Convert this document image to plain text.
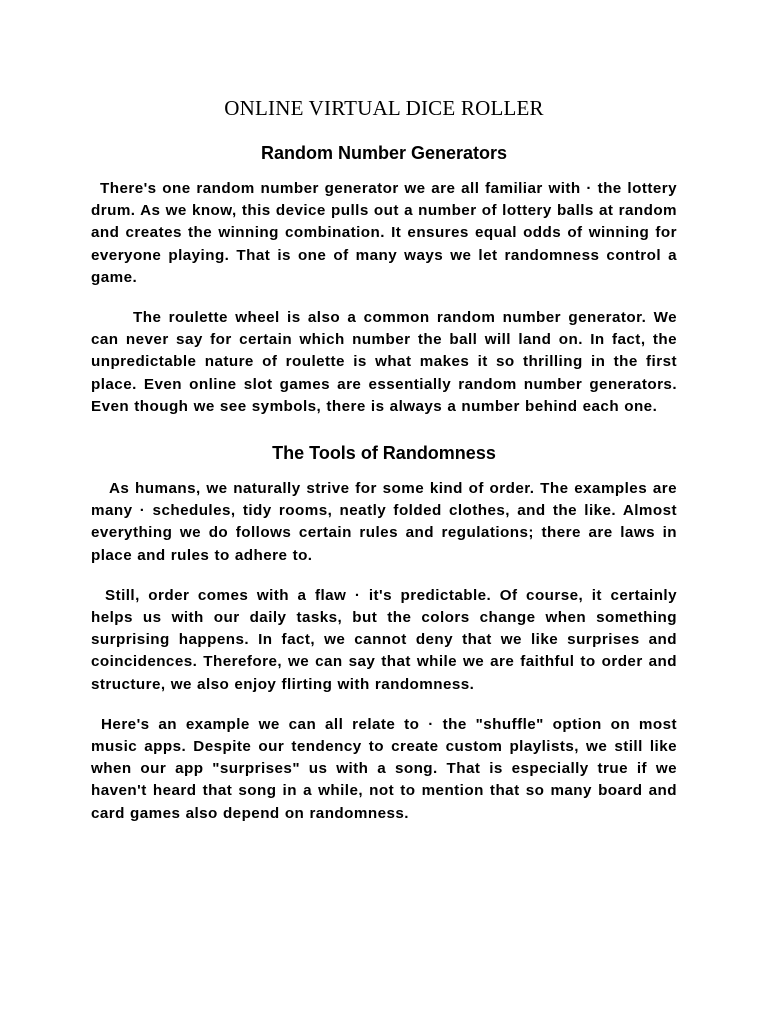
ONLINE VIRTUAL DICE ROLLER
Random Number Generators

There's one random number generator we are all familiar with · the lottery drum. As we know, this device pulls out a number of lottery balls at random and creates the winning combination. It ensures equal odds of winning for everyone playing. That is one of many ways we let randomness control a game.

The roulette wheel is also a common random number generator. We can never say for certain which number the ball will land on. In fact, the unpredictable nature of roulette is what makes it so thrilling in the first place. Even online slot games are essentially random number generators. Even though we see symbols, there is always a number behind each one.

The Tools of Randomness

As humans, we naturally strive for some kind of order. The examples are many · schedules, tidy rooms, neatly folded clothes, and the like. Almost everything we do follows certain rules and regulations; there are laws in place and rules to adhere to.

Still, order comes with a flaw · it's predictable. Of course, it certainly helps us with our daily tasks, but the colors change when something surprising happens. In fact, we cannot deny that we like surprises and coincidences. Therefore, we can say that while we are faithful to order and structure, we also enjoy flirting with randomness.

Here's an example we can all relate to · the "shuffle" option on most music apps. Despite our tendency to create custom playlists, we still like when our app "surprises" us with a song. That is especially true if we haven't heard that song in a while, not to mention that so many board and card games also depend on randomness.
